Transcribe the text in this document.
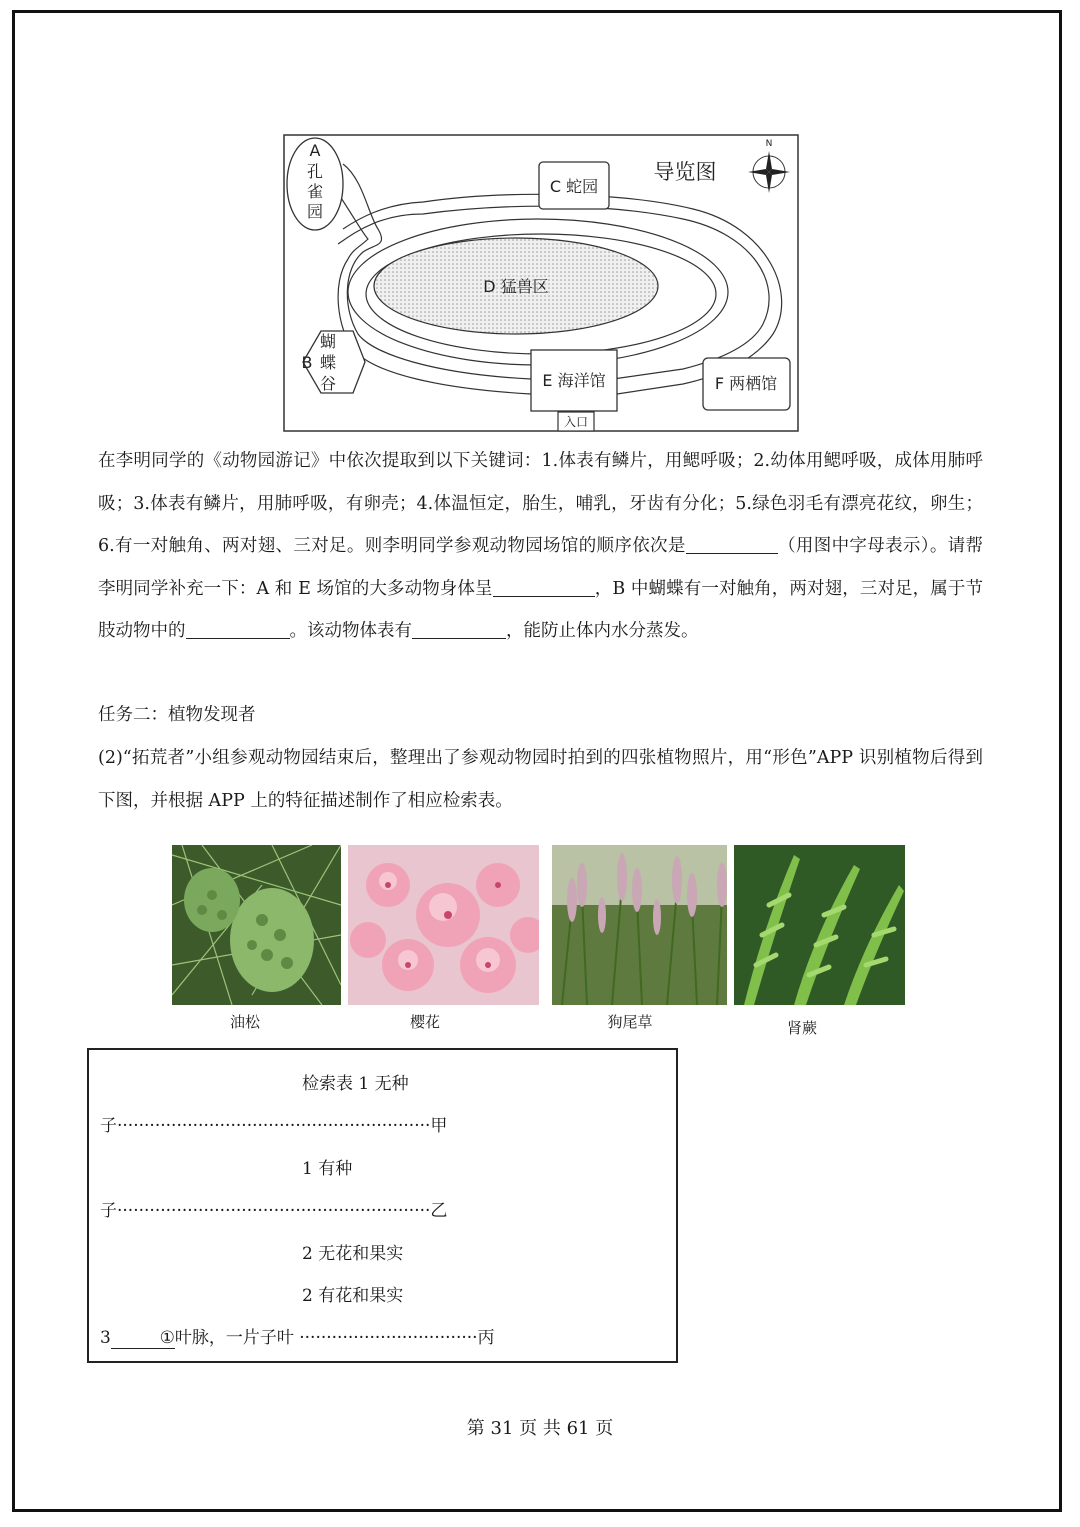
N
导览图
A
孔
雀
园
B
蝴
蝶
谷
C 蛇园
D 猛兽区
E 海洋馆	F 两栖馆
入口

在李明同学的《动物园游记》中依次提取到以下关键词：1.体表有鳞片，用鳃呼吸；2.幼体用鳃呼吸，成体用肺呼吸；3.体表有鳞片，用肺呼吸，有卵壳；4.体温恒定，胎生，哺乳，牙齿有分化；5.绿色羽毛有漂亮花纹，卵生；6.有一对触角、两对翅、三对足。则李明同学参观动物园场馆的顺序依次是	（用图中字母表示）。请帮李明同学补充一下：A 和 E 场馆的大多动物身体呈	，B 中蝴蝶有一对触角，两对翅，三对足，属于节肢动物中的	。该动物体表有	，能防止体内水分蒸发。

任务二：植物发现者

(2)“拓荒者”小组参观动物园结束后，整理出了参观动物园时拍到的四张植物照片，用“形色”APP 识别植物后得到下图，并根据 APP 上的特征描述制作了相应检索表。

油松	樱花	狗尾草	肾蕨
检索表 1 无种
子··························································甲
1 有种
子··························································乙
2 无花和果实
2 有花和果实
3	①叶脉，一片子叶 ·································丙
第 31 页 共 61 页
